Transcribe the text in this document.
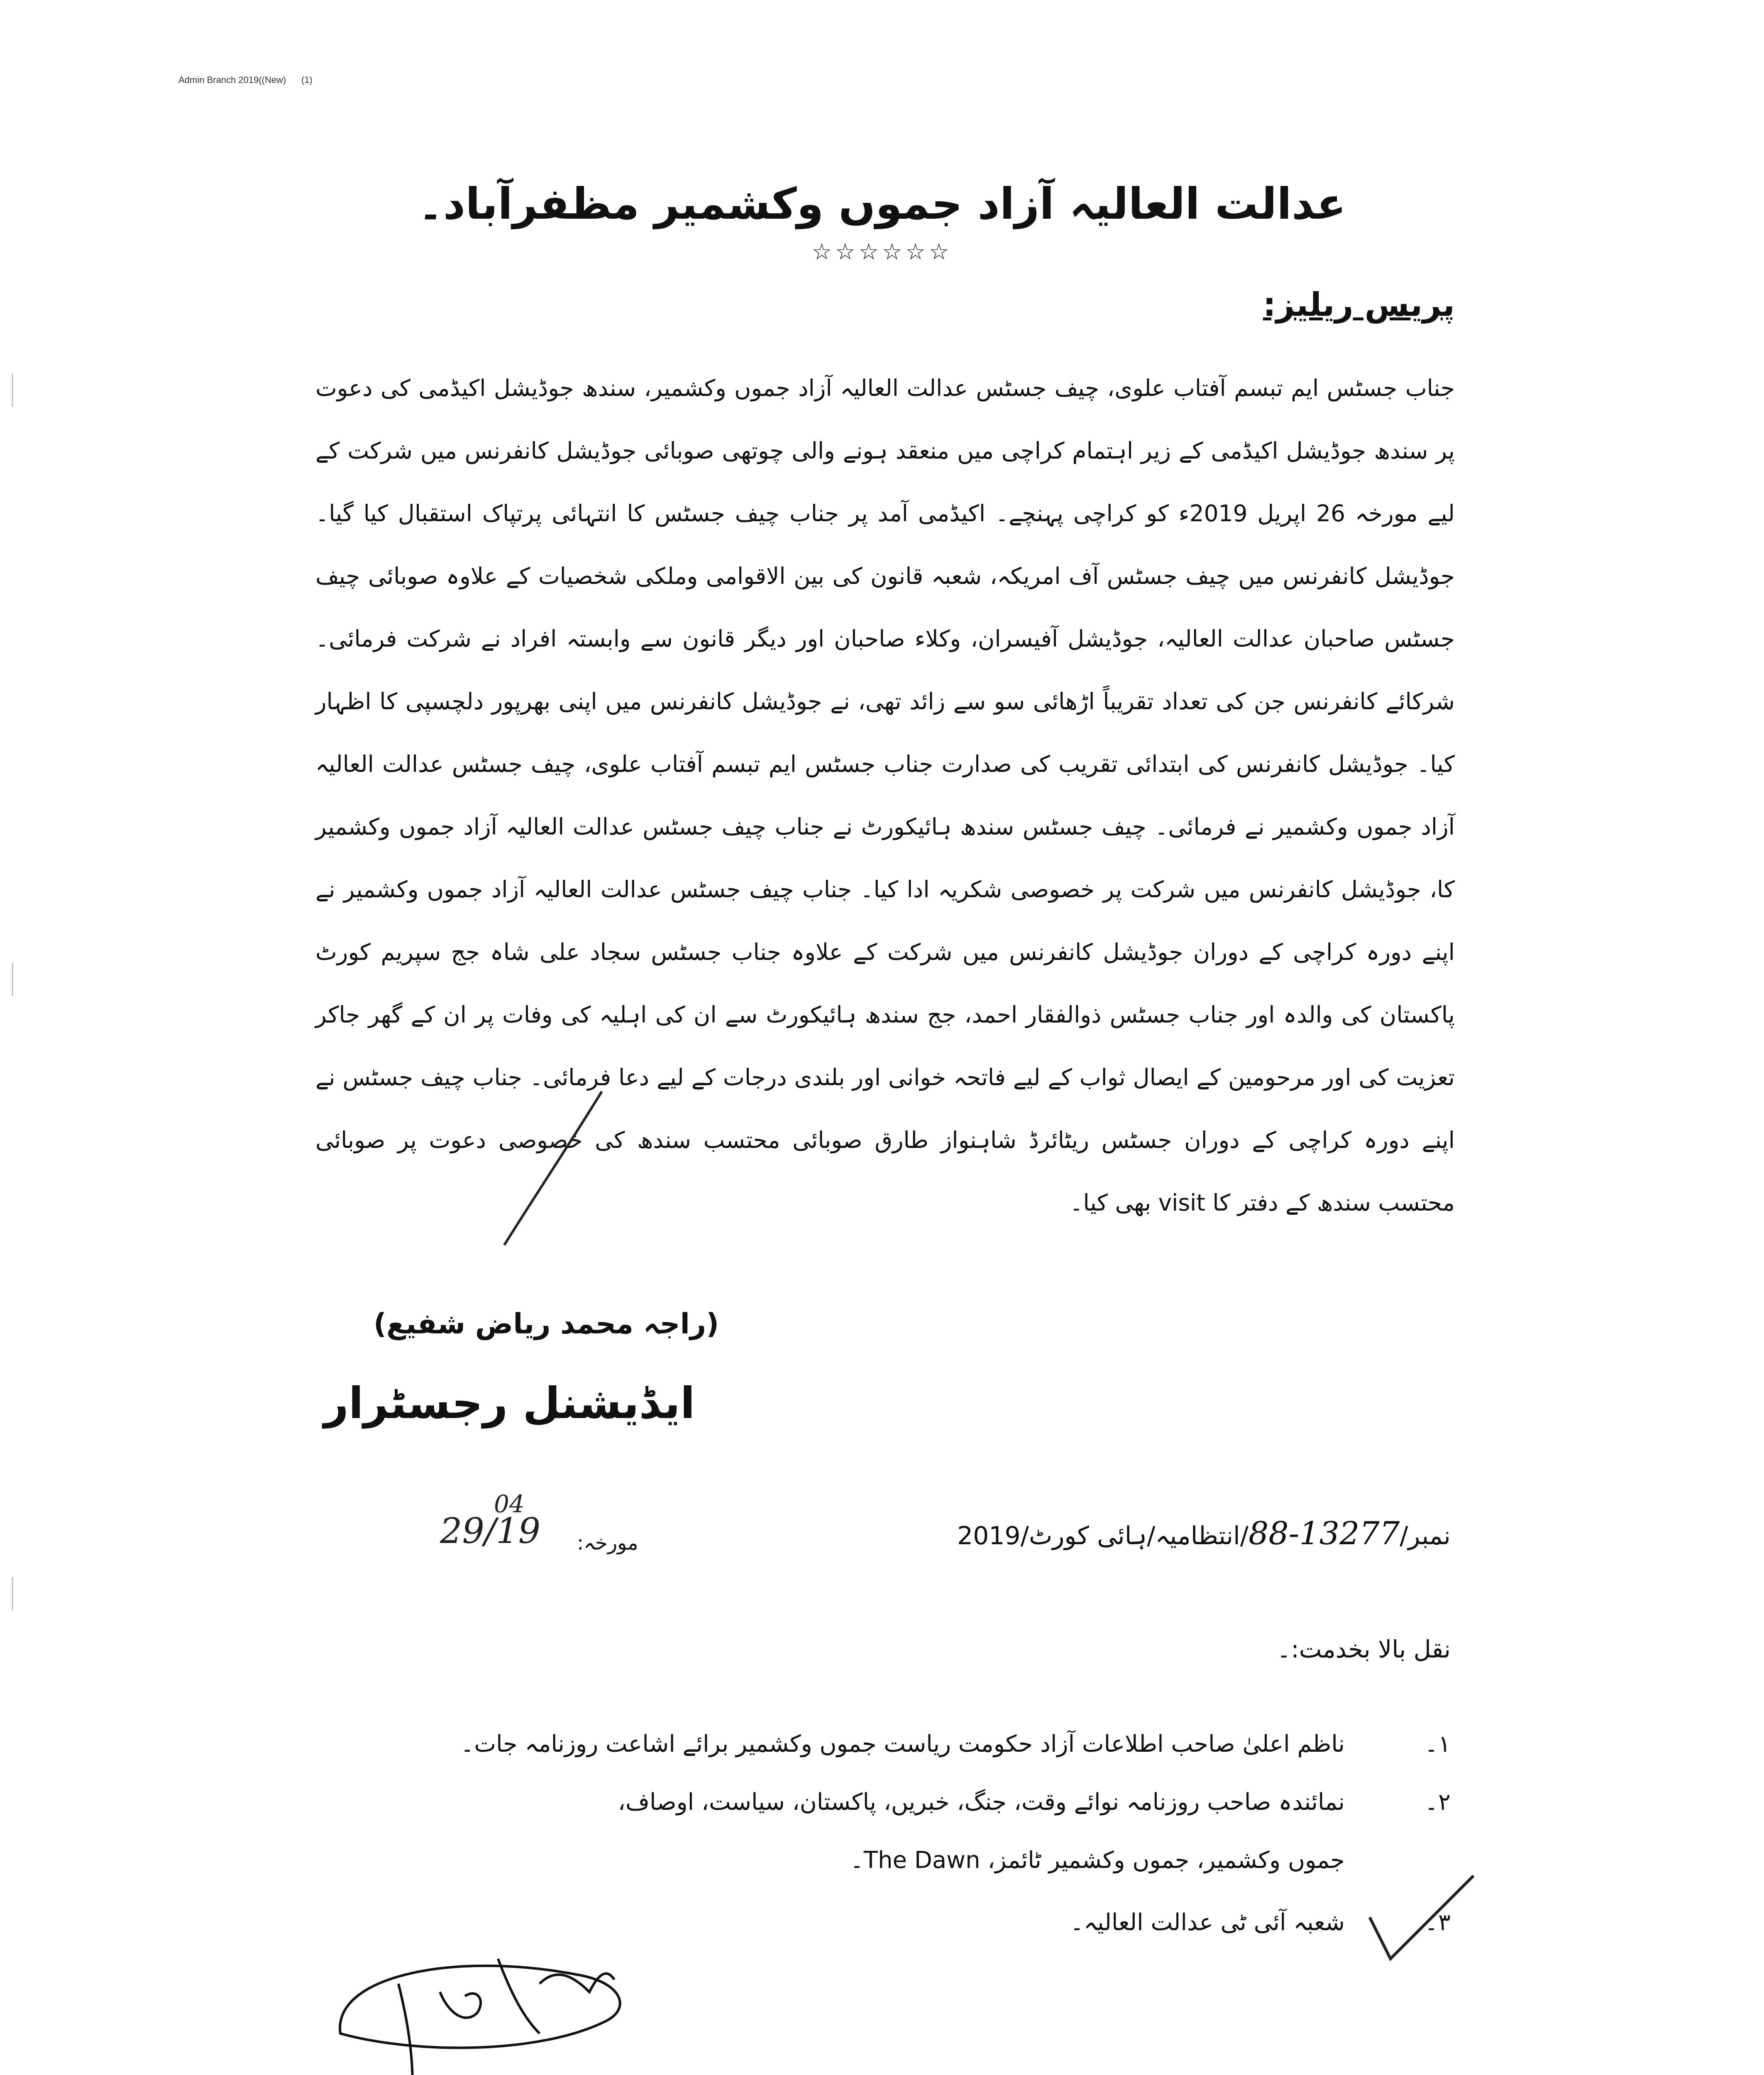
Admin Branch 2019((New) (1)
عدالت العالیہ آزاد جموں وکشمیر مظفرآباد۔
☆☆☆☆☆☆
پریس ریلیز:
جناب جسٹس ایم تبسم آفتاب علوی، چیف جسٹس عدالت العالیہ آزاد جموں وکشمیر، سندھ جوڈیشل اکیڈمی کی دعوت پر سندھ جوڈیشل اکیڈمی کے زیر اہتمام کراچی میں منعقد ہونے والی چوتھی صوبائی جوڈیشل کانفرنس میں شرکت کے لیے مورخہ 26 اپریل 2019ء کو کراچی پہنچے۔ اکیڈمی آمد پر جناب چیف جسٹس کا انتہائی پرتپاک استقبال کیا گیا۔ جوڈیشل کانفرنس میں چیف جسٹس آف امریکہ، شعبہ قانون کی بین الاقوامی وملکی شخصیات کے علاوہ صوبائی چیف جسٹس صاحبان عدالت العالیہ، جوڈیشل آفیسران، وکلاء صاحبان اور دیگر قانون سے وابستہ افراد نے شرکت فرمائی۔ شرکائے کانفرنس جن کی تعداد تقریباً اڑھائی سو سے زائد تھی، نے جوڈیشل کانفرنس میں اپنی بھرپور دلچسپی کا اظہار کیا۔ جوڈیشل کانفرنس کی ابتدائی تقریب کی صدارت جناب جسٹس ایم تبسم آفتاب علوی، چیف جسٹس عدالت العالیہ آزاد جموں وکشمیر نے فرمائی۔ چیف جسٹس سندھ ہائیکورٹ نے جناب چیف جسٹس عدالت العالیہ آزاد جموں وکشمیر کا، جوڈیشل کانفرنس میں شرکت پر خصوصی شکریہ ادا کیا۔ جناب چیف جسٹس عدالت العالیہ آزاد جموں وکشمیر نے اپنے دورہ کراچی کے دوران جوڈیشل کانفرنس میں شرکت کے علاوہ جناب جسٹس سجاد علی شاہ جج سپریم کورٹ پاکستان کی والدہ اور جناب جسٹس ذوالفقار احمد، جج سندھ ہائیکورٹ سے ان کی اہلیہ کی وفات پر ان کے گھر جاکر تعزیت کی اور مرحومین کے ایصال ثواب کے لیے فاتحہ خوانی اور بلندی درجات کے لیے دعا فرمائی۔ جناب چیف جسٹس نے اپنے دورہ کراچی کے دوران جسٹس ریٹائرڈ شاہنواز طارق صوبائی محتسب سندھ کی خصوصی دعوت پر صوبائی محتسب سندھ کے دفتر کا visit بھی کیا۔
(راجہ محمد ریاض شفیع)
ایڈیشنل رجسٹرار
نمبر/13277-88/انتظامیہ/ہائی کورٹ/2019
مورخہ:
04
29/19
نقل بالا بخدمت:۔
۱۔
ناظم اعلیٰ صاحب اطلاعات آزاد حکومت ریاست جموں وکشمیر برائے اشاعت روزنامہ جات۔
۲۔
نمائندہ صاحب روزنامہ نوائے وقت، جنگ، خبریں، پاکستان، سیاست، اوصاف،
جموں وکشمیر، جموں وکشمیر ٹائمز، The Dawn۔
۳۔
شعبہ آئی ٹی عدالت العالیہ۔
